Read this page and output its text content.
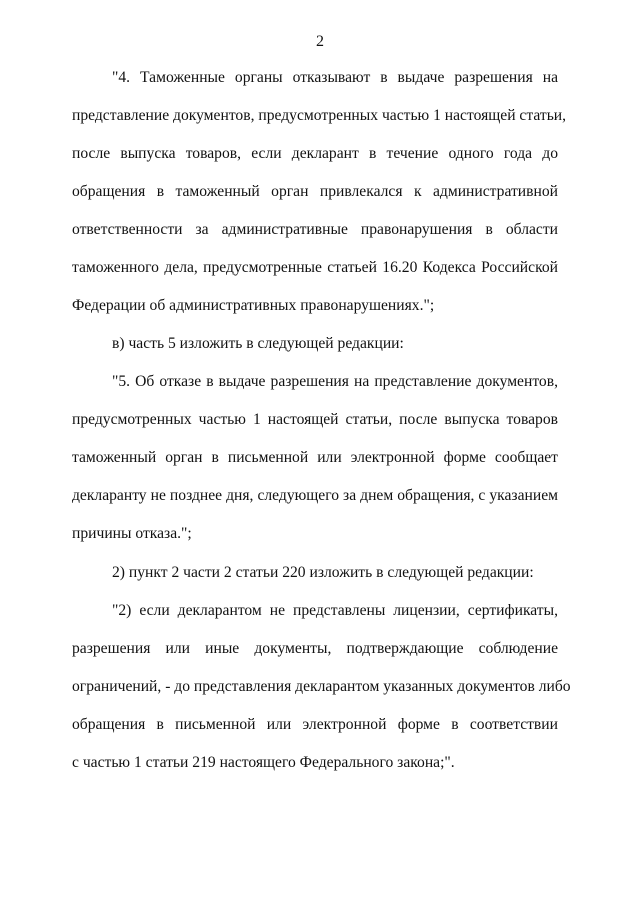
2
"4. Таможенные органы отказывают в выдаче разрешения на
представление документов, предусмотренных частью 1 настоящей статьи,
после выпуска товаров, если декларант в течение одного года до
обращения в таможенный орган привлекался к административной
ответственности за административные правонарушения в области
таможенного дела, предусмотренные статьей 16.20 Кодекса Российской
Федерации об административных правонарушениях.";
в) часть 5 изложить в следующей редакции:
"5. Об отказе в выдаче разрешения на представление документов,
предусмотренных частью 1 настоящей статьи, после выпуска товаров
таможенный орган в письменной или электронной форме сообщает
декларанту не позднее дня, следующего за днем обращения, с указанием
причины отказа.";
2) пункт 2 части 2 статьи 220 изложить в следующей редакции:
"2) если декларантом не представлены лицензии, сертификаты,
разрешения или иные документы, подтверждающие соблюдение
ограничений, - до представления декларантом указанных документов либо
обращения в письменной или электронной форме в соответствии
с частью 1 статьи 219 настоящего Федерального закона;".
